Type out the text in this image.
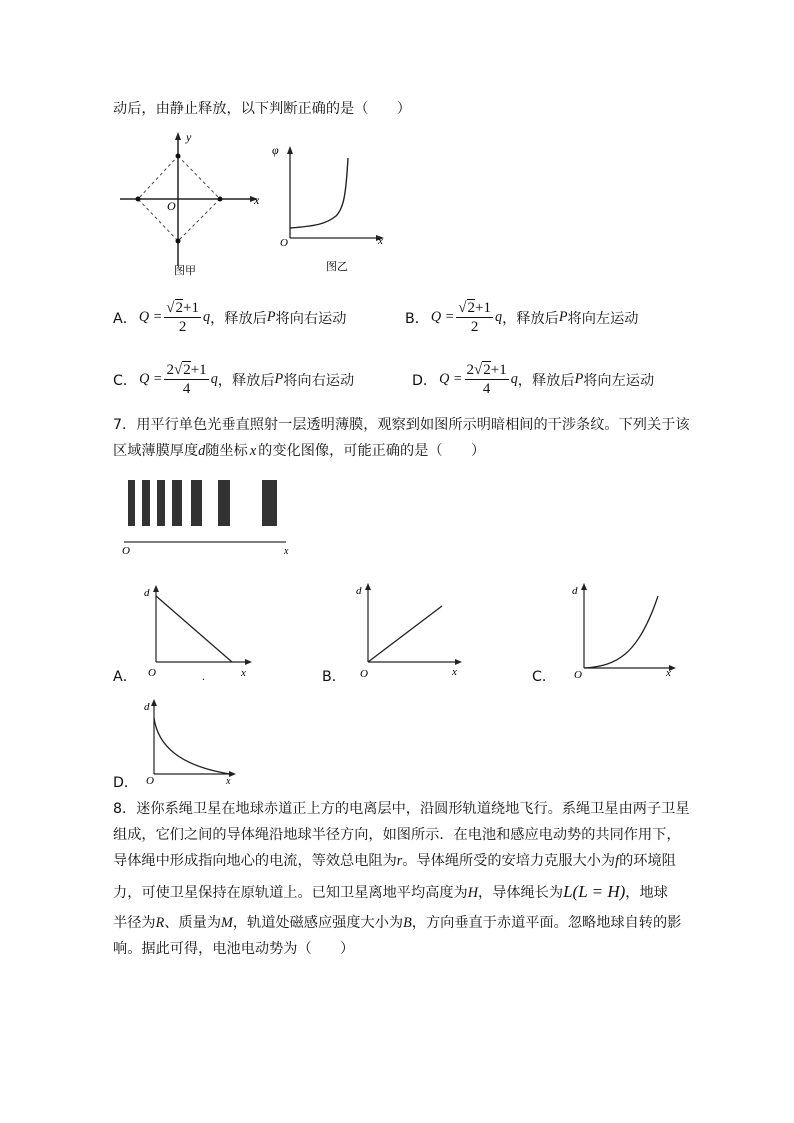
动后，由静止释放，以下判断正确的是（　　）
y
x
O
图甲
φ
x
O
图乙
A． $Q = \frac{√2+1}{2}$ q ，释放后 P 将向右运动	B． $Q = \frac{√2+1}{2}$ q ，释放后 P 将向左运动
C． $Q = \frac{2√2+1}{4}$ q ，释放后 P 将向右运动	D． $Q = \frac{2√2+1}{4}$ q ，释放后 P 将向左运动
7．用平行单色光垂直照射一层透明薄膜，观察到如图所示明暗相间的干涉条纹。下列关于该
区域薄膜厚度d随坐标 x 的变化图像，可能正确的是（　　）
O	x
A．
d
O	x
.	B．
d
O	x	C．
d
O	x
d
O	x
D．
8．迷你系绳卫星在地球赤道正上方的电离层中，沿圆形轨道绕地飞行。系绳卫星由两子卫星
组成，它们之间的导体绳沿地球半径方向，如图所示．在电池和感应电动势的共同作用下，
导体绳中形成指向地心的电流，等效总电阻为r。导体绳所受的安培力克服大小为f的环境阻
力，可使卫星保持在原轨道上。已知卫星离地平均高度为H，导体绳长为L(L = H)，地球
半径为R、质量为M，轨道处磁感应强度大小为B，方向垂直于赤道平面。忽略地球自转的影
响。据此可得，电池电动势为（　　）
